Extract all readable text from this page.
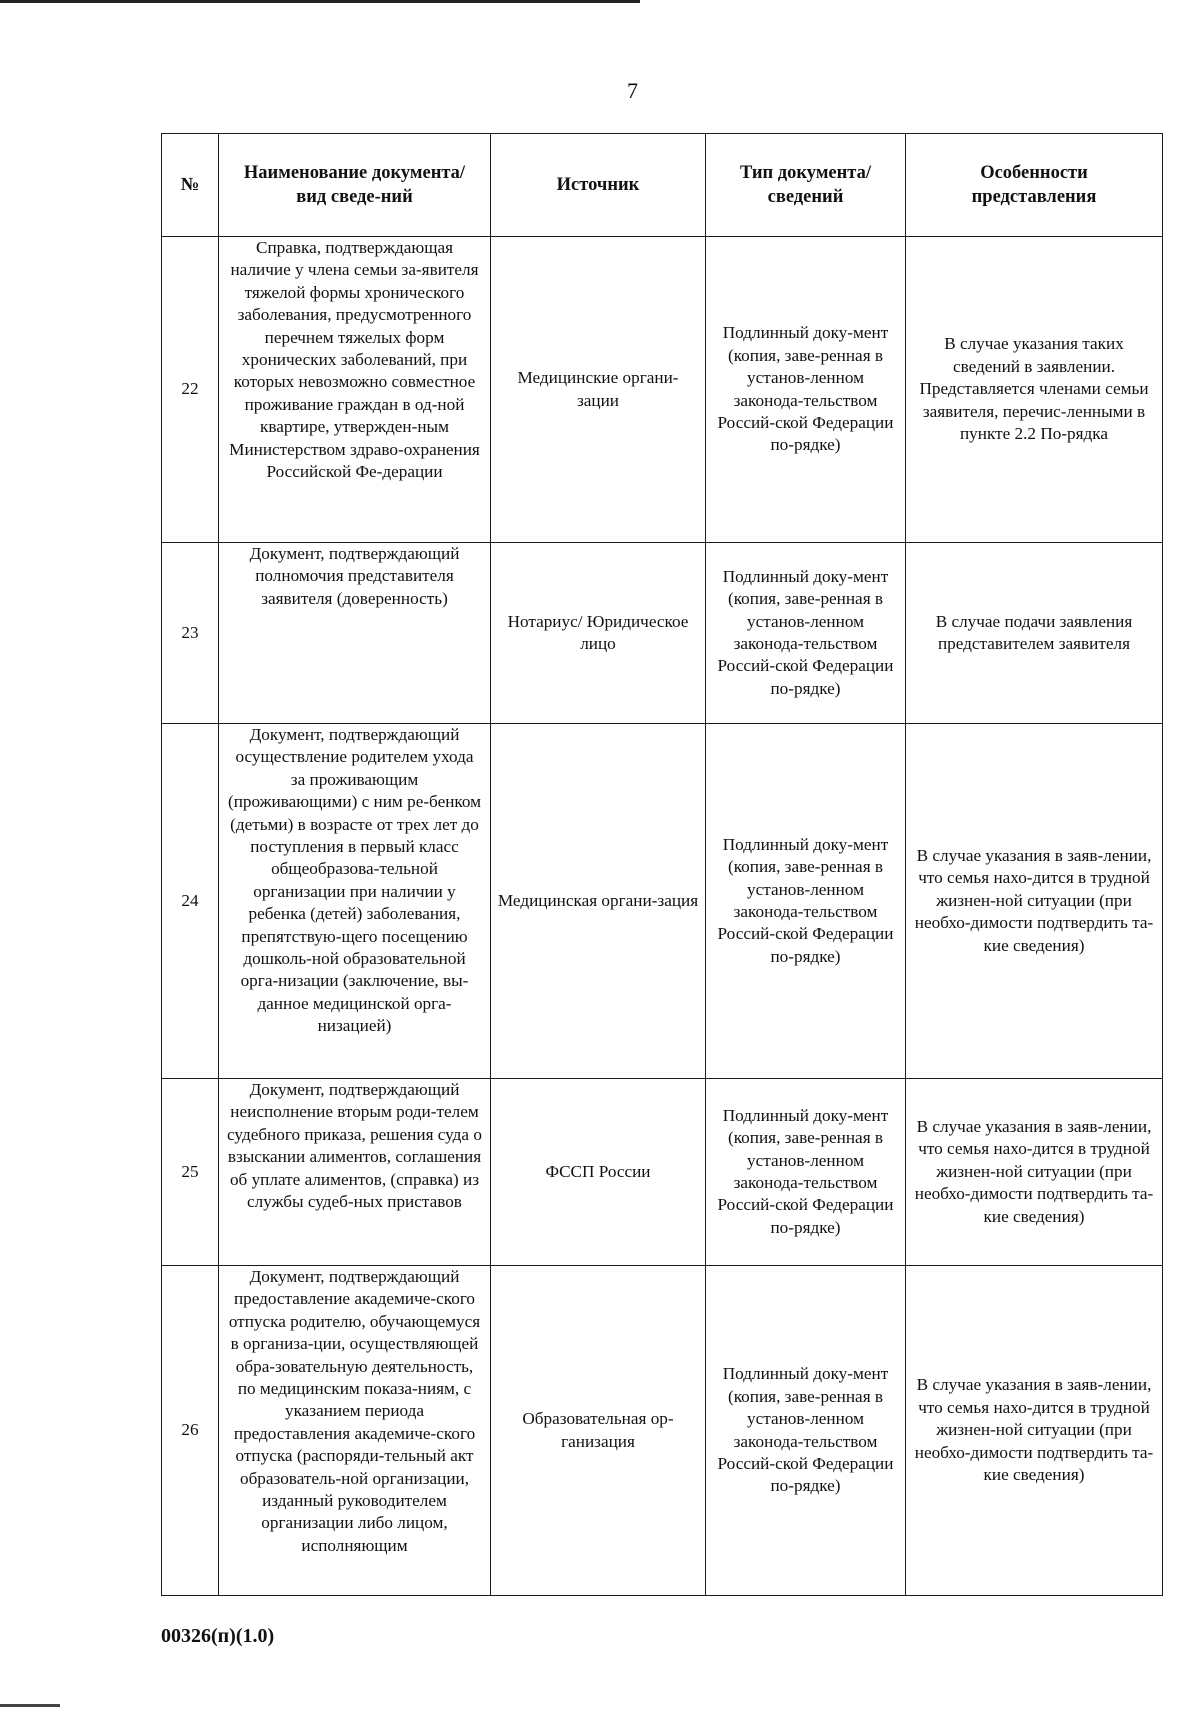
7
№	Наименование документа/ вид сведе-ний	Источник	Тип документа/ сведений	Особенности представления
22	Справка, подтверждающая наличие у члена семьи за-явителя тяжелой формы хронического заболевания, предусмотренного перечнем тяжелых форм хронических заболеваний, при которых невозможно совместное проживание граждан в од-ной квартире, утвержден-ным Министерством здраво-охранения Российской Фе-дерации	Медицинские органи-зации	Подлинный доку-мент (копия, заве-ренная в установ-ленном законода-тельством Россий-ской Федерации по-рядке)	В случае указания таких сведений в заявлении. Представляется членами семьи заявителя, перечис-ленными в пункте 2.2 По-рядка
23	Документ, подтверждающий полномочия представителя заявителя (доверенность)	Нотариус/ Юридическое лицо	Подлинный доку-мент (копия, заве-ренная в установ-ленном законода-тельством Россий-ской Федерации по-рядке)	В случае подачи заявления представителем заявителя
24	Документ, подтверждающий осуществление родителем ухода за проживающим (проживающими) с ним ре-бенком (детьми) в возрасте от трех лет до поступления в первый класс общеобразова-тельной организации при наличии у ребенка (детей) заболевания, препятствую-щего посещению дошколь-ной образовательной орга-низации (заключение, вы-данное медицинской орга-низацией)	Медицинская органи-зация	Подлинный доку-мент (копия, заве-ренная в установ-ленном законода-тельством Россий-ской Федерации по-рядке)	В случае указания в заяв-лении, что семья нахо-дится в трудной жизнен-ной ситуации (при необхо-димости подтвердить та-кие сведения)
25	Документ, подтверждающий неисполнение вторым роди-телем судебного приказа, решения суда о взыскании алиментов, соглашения об уплате алиментов, (справка) из службы судеб-ных приставов	ФССП России	Подлинный доку-мент (копия, заве-ренная в установ-ленном законода-тельством Россий-ской Федерации по-рядке)	В случае указания в заяв-лении, что семья нахо-дится в трудной жизнен-ной ситуации (при необхо-димости подтвердить та-кие сведения)
26	Документ, подтверждающий предоставление академиче-ского отпуска родителю, обучающемуся в организа-ции, осуществляющей обра-зовательную деятельность, по медицинским показа-ниям, с указанием периода предоставления академиче-ского отпуска (распоряди-тельный акт образователь-ной организации, изданный руководителем организации либо лицом, исполняющим	Образовательная ор-ганизация	Подлинный доку-мент (копия, заве-ренная в установ-ленном законода-тельством Россий-ской Федерации по-рядке)	В случае указания в заяв-лении, что семья нахо-дится в трудной жизнен-ной ситуации (при необхо-димости подтвердить та-кие сведения)
00326(п)(1.0)
